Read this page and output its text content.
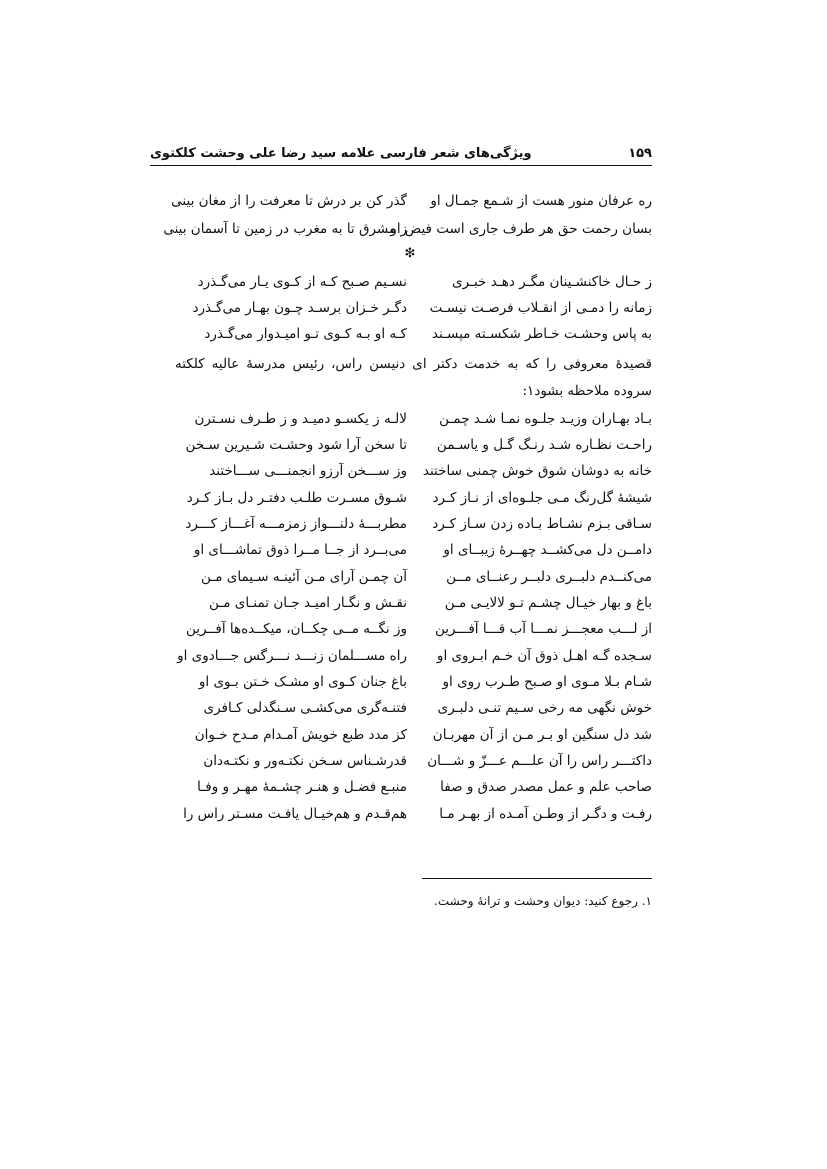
۱۵۹
ویژگی‌های شعر فارسی علامه سید رضا علی وحشت کلکتوی
ره عرفان منور هست از شـمع جمـال او
گذر کن بر درش تا معرفت را از مغان بینی
بسان رحمت حق هر طرف جاری است فیض او
ز مشرق تا به مغرب در زمین تا آسمان بینی
❇
ز حـال خاکنشـینان مگـر دهـد خبـری
نسـیم صـبح کـه از کـوی یـار می‌گـذرد
زمانه را دمـی از انقـلاب فرصـت نیسـت
دگـر خـزان برسـد چـون بهـار می‌گـذرد
به پاس وحشـت خـاطر شکسـته مپسـند
کـه او بـه کـوی تـو امیـدوار می‌گـذرد
قصیدهٔ معروفی را که به خدمت دکتر ای دنیسن راس، رئیس مدرسهٔ عالیه کلکته
سروده ملاحظه بشود۱:
بـاد بهـاران وزیـد جلـوه نمـا شـد چمـن
لالـه ز یکسـو دمیـد و ز طـرف نسـترن
راحـت نظـاره شـد رنـگ گـل و یاسـمن
تا سخن آرا شود وحشـت شـیرین سـخن
خانه به دوشان شوق خوش چمنی ساختند
وز ســـخن آرزو انجمنـــی ســـاختند
شیشهٔ گل‌رنگ مـی جلـوه‌ای از نـاز کـرد
شـوق مسـرت طلـب دفتـر دل بـاز کـرد
سـاقی بـزم نشـاط بـاده زدن سـاز کـرد
مطربـــهٔ دلنـــواز زمزمـــه آغـــاز کـــرد
دامــن دل می‌کشــد چهــرهٔ زیبــای او
می‌بــرد از جــا مــرا ذوق تماشـــای او
می‌کنــدم دلبــری دلبــر رعنــای مــن
آن چمـن آرای مـن آئینـه سـیمای مـن
باغ و بهار خیـال چشـم تـو لالایـی مـن
نقـش و نگـار امیـد جـان تمنـای مـن
از لـــب معجـــز نمـــا آب قـــا آفـــرین
وز نگــه مــی چکــان، میکــده‌ها آفــرین
سـجده گـه اهـل ذوق آن خـم ابـروی او
راه مســـلمان زنـــد نـــرگس جـــادوی او
شـام بـلا مـوی او صـبح طـرب روی او
باغ جنان کـوی او مشـک خـتن بـوی او
خوش نگهی مه رخی سـیم تنـی دلبـری
فتنـه‌گری می‌کشـی سـنگدلی کـافری
شد دل سنگین او بـر مـن از آن مهربـان
کز مدد طبع خویش آمـدام مـدح خـوان
داکتـــر راس را آن علـــم عـــزّ و شـــان
قدرشـناس سـخن نکتـه‌ور و نکتـه‌دان
صاحب علم و عمل مصدر صدق و صفا
منبـع فضـل و هنـر چشـمهٔ مهـر و وفـا
رفـت و دگـر از وطـن آمـده از بهـر مـا
هم‌قـدم و هم‌خیـال یافـت مسـتر راس را
۱. رجوع کنید: دیوان وحشت و ترانهٔ وحشت.
